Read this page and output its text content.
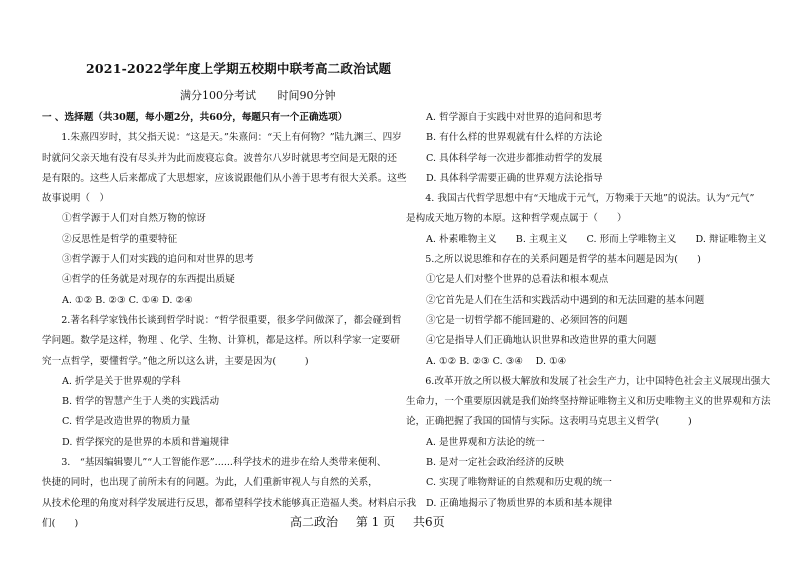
2021-2022学年度上学期五校期中联考高二政治试题
满分100分考试 时间90分钟
一 、选择题（共30题，每小题2分，共60分，每题只有一个正确选项）
1.朱熹四岁时，其父指天说：“这是天。”朱熹问：“天上有何物？”陆九渊三、四岁
时就问父亲天地有没有尽头并为此而废寝忘食。波普尔八岁时就思考空间是无限的还
是有限的。这些人后来都成了大思想家，应该说跟他们从小善于思考有很大关系。这些
故事说明（　）
①哲学源于人们对自然万物的惊讶
②反思性是哲学的重要特征
③哲学源于人们对实践的追问和对世界的思考
④哲学的任务就是对现存的东西提出质疑
A. ①② B. ②③ C. ①④ D. ②④
2.著名科学家钱伟长谈到哲学时说：“哲学很重要，很多学问做深了，都会碰到哲
学问题。数学是这样，物理 、化学、生物、计算机，都是这样。所以科学家一定要研
究一点哲学，要懂哲学。”他之所以这么讲，主要是因为(　　　)
A. 折学是关于世界观的学科
B. 哲学的智慧产生于人类的实践活动
C. 哲学是改造世界的物质力量
D. 哲学探究的是世界的本质和普遍规律
3.　“基因编辑婴儿”“人工智能作恶”......科学技术的进步在给人类带来便利、
快捷的同时，也出现了前所未有的问题。为此，人们重新审视人与自然的关系，
从技术伦理的角度对科学发展进行反思，都希望科学技术能够真正造福人类。材料启示我
们(　　)
A. 哲学源自于实践中对世界的追问和思考
B. 有什么样的世界观就有什么样的方法论
C. 具体科学每一次进步都推动哲学的发展
D. 具体科学需要正确的世界观方法论指导
4. 我国古代哲学思想中有“天地成于元气，万物乘于天地”的说法。认为“元气”
是构成天地万物的本原。这种哲学观点属于（　　）
A. 朴素唯物主义　　B. 主观主义　　C. 形而上学唯物主义　　D. 辩证唯物主义
5.之所以说思维和存在的关系问题是哲学的基本问题是因为(　　)
①它是人们对整个世界的总看法和根本观点
②它首先是人们在生活和实践活动中遇到的和无法回避的基本问题
③它是一切哲学都不能回避的、必须回答的问题
④它是指导人们正确地认识世界和改造世界的重大问题
A. ①② B. ②③ C. ③④　 D. ①④
6.改革开放之所以极大解放和发展了社会生产力，让中国特色社会主义展现出强大
生命力，一个重要原因就是我们始终坚持辩证唯物主义和历史唯物主义的世界观和方法
论，正确把握了我国的国情与实际。这表明马克思主义哲学(　　　)
A. 是世界观和方法论的统一
B. 是对一定社会政治经济的反映
C. 实现了唯物辩证的自然观和历史观的统一
D. 正确地揭示了物质世界的本质和基本规律
高二政治 第 1 页 共6页
